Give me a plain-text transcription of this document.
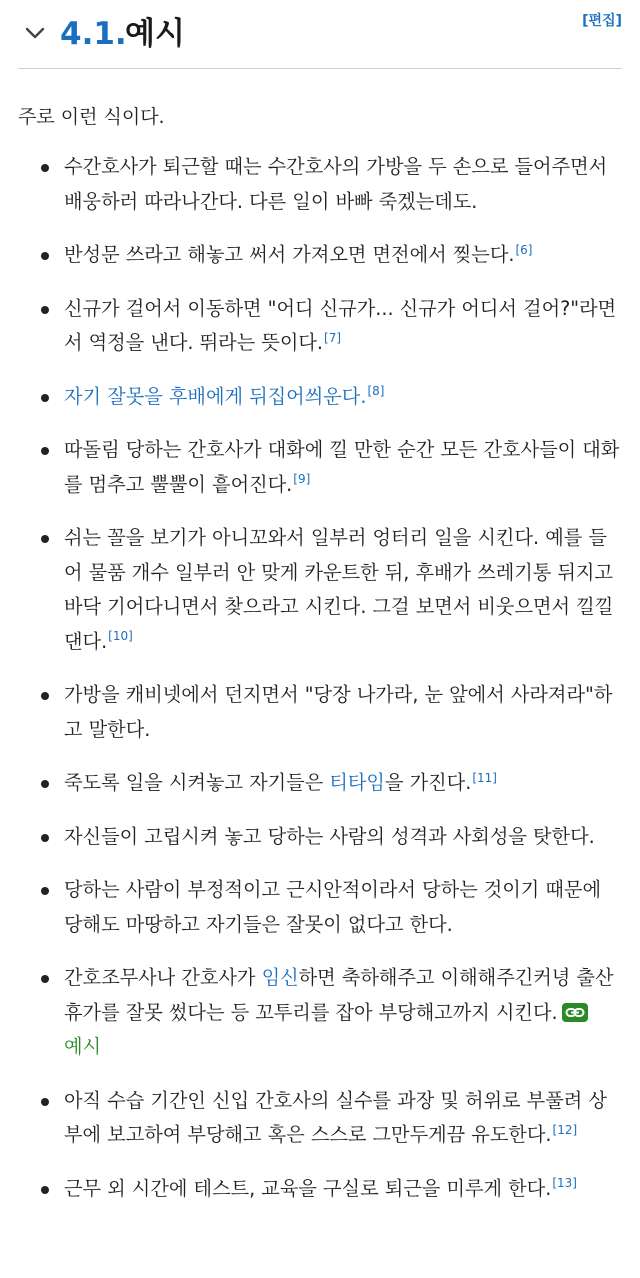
4.1.
예시	[편집]
주로 이런 식이다.
수간호사가 퇴근할 때는 수간호사의 가방을 두 손으로 들어주면서 배웅하러 따라나간다. 다른 일이 바빠 죽겠는데도.
반성문 쓰라고 해놓고 써서 가져오면 면전에서 찢는다.[6]
신규가 걸어서 이동하면 "어디 신규가... 신규가 어디서 걸어?"라면서 역정을 낸다. 뛰라는 뜻이다.[7]
자기 잘못을 후배에게 뒤집어씌운다.[8]
따돌림 당하는 간호사가 대화에 낄 만한 순간 모든 간호사들이 대화를 멈추고 뿔뿔이 흩어진다.[9]
쉬는 꼴을 보기가 아니꼬와서 일부러 엉터리 일을 시킨다. 예를 들어 물품 개수 일부러 안 맞게 카운트한 뒤, 후배가 쓰레기통 뒤지고 바닥 기어다니면서 찾으라고 시킨다. 그걸 보면서 비웃으면서 낄낄댄다.[10]
가방을 캐비넷에서 던지면서 "당장 나가라, 눈 앞에서 사라져라"하고 말한다.
죽도록 일을 시켜놓고 자기들은 티타임을 가진다.[11]
자신들이 고립시켜 놓고 당하는 사람의 성격과 사회성을 탓한다.
당하는 사람이 부정적이고 근시안적이라서 당하는 것이기 때문에 당해도 마땅하고 자기들은 잘못이 없다고 한다.
간호조무사나 간호사가 임신하면 축하해주고 이해해주긴커녕 출산휴가를 잘못 썼다는 등 꼬투리를 잡아 부당해고까지 시킨다.

예시
아직 수습 기간인 신입 간호사의 실수를 과장 및 허위로 부풀려 상부에 보고하여 부당해고 혹은 스스로 그만두게끔 유도한다.[12]
근무 외 시간에 테스트, 교육을 구실로 퇴근을 미루게 한다.[13]
